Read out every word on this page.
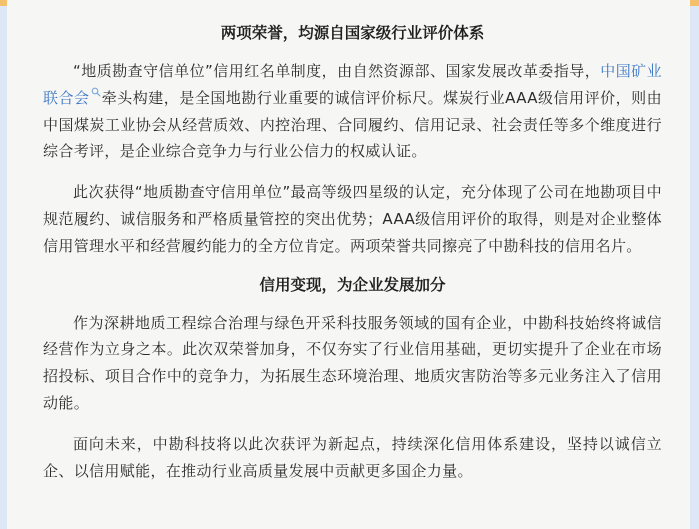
两项荣誉，均源自国家级行业评价体系

“地质勘查守信单位”信用红名单制度，由自然资源部、国家发展改革委指导，中国矿业联合会 牵头构建，是全国地勘行业重要的诚信评价标尺。煤炭行业AAA级信用评价，则由中国煤炭工业协会从经营质效、内控治理、合同履约、信用记录、社会责任等多个维度进行综合考评，是企业综合竞争力与行业公信力的权威认证。

此次获得“地质勘查守信用单位”最高等级四星级的认定，充分体现了公司在地勘项目中规范履约、诚信服务和严格质量管控的突出优势；AAA级信用评价的取得，则是对企业整体信用管理水平和经营履约能力的全方位肯定。两项荣誉共同擦亮了中勘科技的信用名片。

信用变现，为企业发展加分

作为深耕地质工程综合治理与绿色开采科技服务领域的国有企业，中勘科技始终将诚信经营作为立身之本。此次双荣誉加身，不仅夯实了行业信用基础，更切实提升了企业在市场招投标、项目合作中的竞争力，为拓展生态环境治理、地质灾害防治等多元业务注入了信用动能。

面向未来，中勘科技将以此次获评为新起点，持续深化信用体系建设，坚持以诚信立企、以信用赋能，在推动行业高质量发展中贡献更多国企力量。
